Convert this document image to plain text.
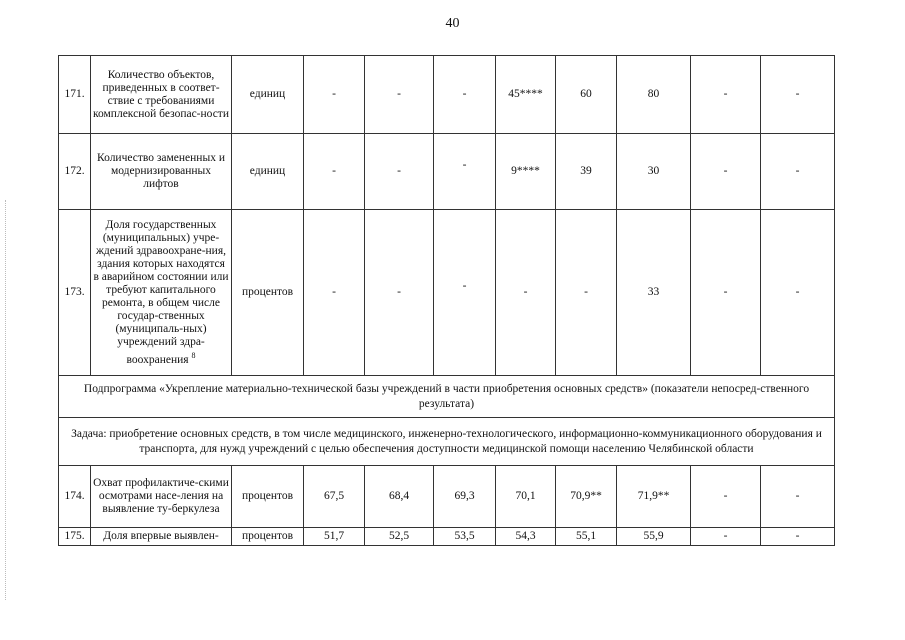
40
171.	Количество объектов, приведенных в соответ-ствие с требованиями комплексной безопас-ности	единиц	-	-	-	45****	60	80	-	-
172.	Количество замененных и модернизированных лифтов	единиц	-	-	-	9****	39	30	-	-
173.	Доля государственных (муниципальных) учре-ждений здравоохране-ния, здания которых находятся в аварийном состоянии или требуют капитального ремонта, в общем числе государ-ственных (муниципаль-ных) учреждений здра-воохранения $^8$	процентов	-	-	-	-	-	33	-	-
Подпрограмма «Укрепление материально-технической базы учреждений в части приобретения основных средств» (показатели непосред-ственного результата)										
Задача: приобретение основных средств, в том числе медицинского, инженерно-технологического, информационно-коммуникационного оборудования и транспорта, для нужд учреждений с целью обеспечения доступности медицинской помощи населению Челябинской области										
174.	Охват профилактиче-скими осмотрами насе-ления на выявление ту-беркулеза	процентов	67,5	68,4	69,3	70,1	70,9**	71,9**	-	-
175.	Доля впервые выявлен-	процентов	51,7	52,5	53,5	54,3	55,1	55,9	-	-
